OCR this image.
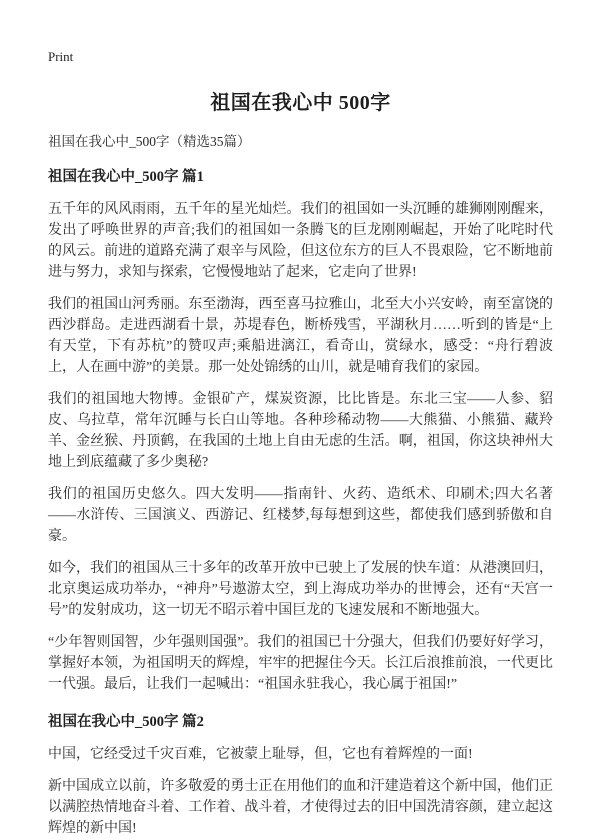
Print
祖国在我心中 500字
祖国在我心中_500字（精选35篇）
祖国在我心中_500字 篇1

五千年的风风雨雨，五千年的星光灿烂。我们的祖国如一头沉睡的雄狮刚刚醒来，发出了呼唤世界的声音;我们的祖国如一条腾飞的巨龙刚刚崛起，开始了叱咤时代的风云。前进的道路充满了艰辛与风险，但这位东方的巨人不畏艰险，它不断地前进与努力，求知与探索，它慢慢地站了起来，它走向了世界!

我们的祖国山河秀丽。东至渤海，西至喜马拉雅山，北至大小兴安岭，南至富饶的西沙群岛。走进西湖看十景，苏堤春色，断桥残雪，平湖秋月……听到的皆是“上有天堂，下有苏杭”的赞叹声;乘船进漓江，看奇山，赏绿水，感受：“舟行碧波上，人在画中游”的美景。那一处处锦绣的山川，就是哺育我们的家园。

我们的祖国地大物博。金银矿产，煤炭资源，比比皆是。东北三宝——人参、貂皮、乌拉草，常年沉睡与长白山等地。各种珍稀动物——大熊猫、小熊猫、藏羚羊、金丝猴、丹顶鹤，在我国的土地上自由无虑的生活。啊，祖国，你这块神州大地上到底蕴藏了多少奥秘?

我们的祖国历史悠久。四大发明——指南针、火药、造纸术、印刷术;四大名著——水浒传、三国演义、西游记、红楼梦,每每想到这些，都使我们感到骄傲和自豪。

如今，我们的祖国从三十多年的改革开放中已驶上了发展的快车道：从港澳回归，北京奥运成功举办，“神舟”号遨游太空，到上海成功举办的世博会，还有“天宫一号”的发射成功，这一切无不昭示着中国巨龙的飞速发展和不断地强大。

“少年智则国智，少年强则国强”。我们的祖国已十分强大，但我们仍要好好学习，掌握好本领，为祖国明天的辉煌，牢牢的把握住今天。长江后浪推前浪，一代更比一代强。最后，让我们一起喊出：“祖国永驻我心，我心属于祖国!”

祖国在我心中_500字 篇2

中国，它经受过千灾百难，它被蒙上耻辱，但，它也有着辉煌的一面!

新中国成立以前，许多敬爱的勇士正在用他们的血和汗建造着这个新中国，他们正以满腔热情地奋斗着、工作着、战斗着，才使得过去的旧中国洗清容颜，建立起这辉煌的新中国!
